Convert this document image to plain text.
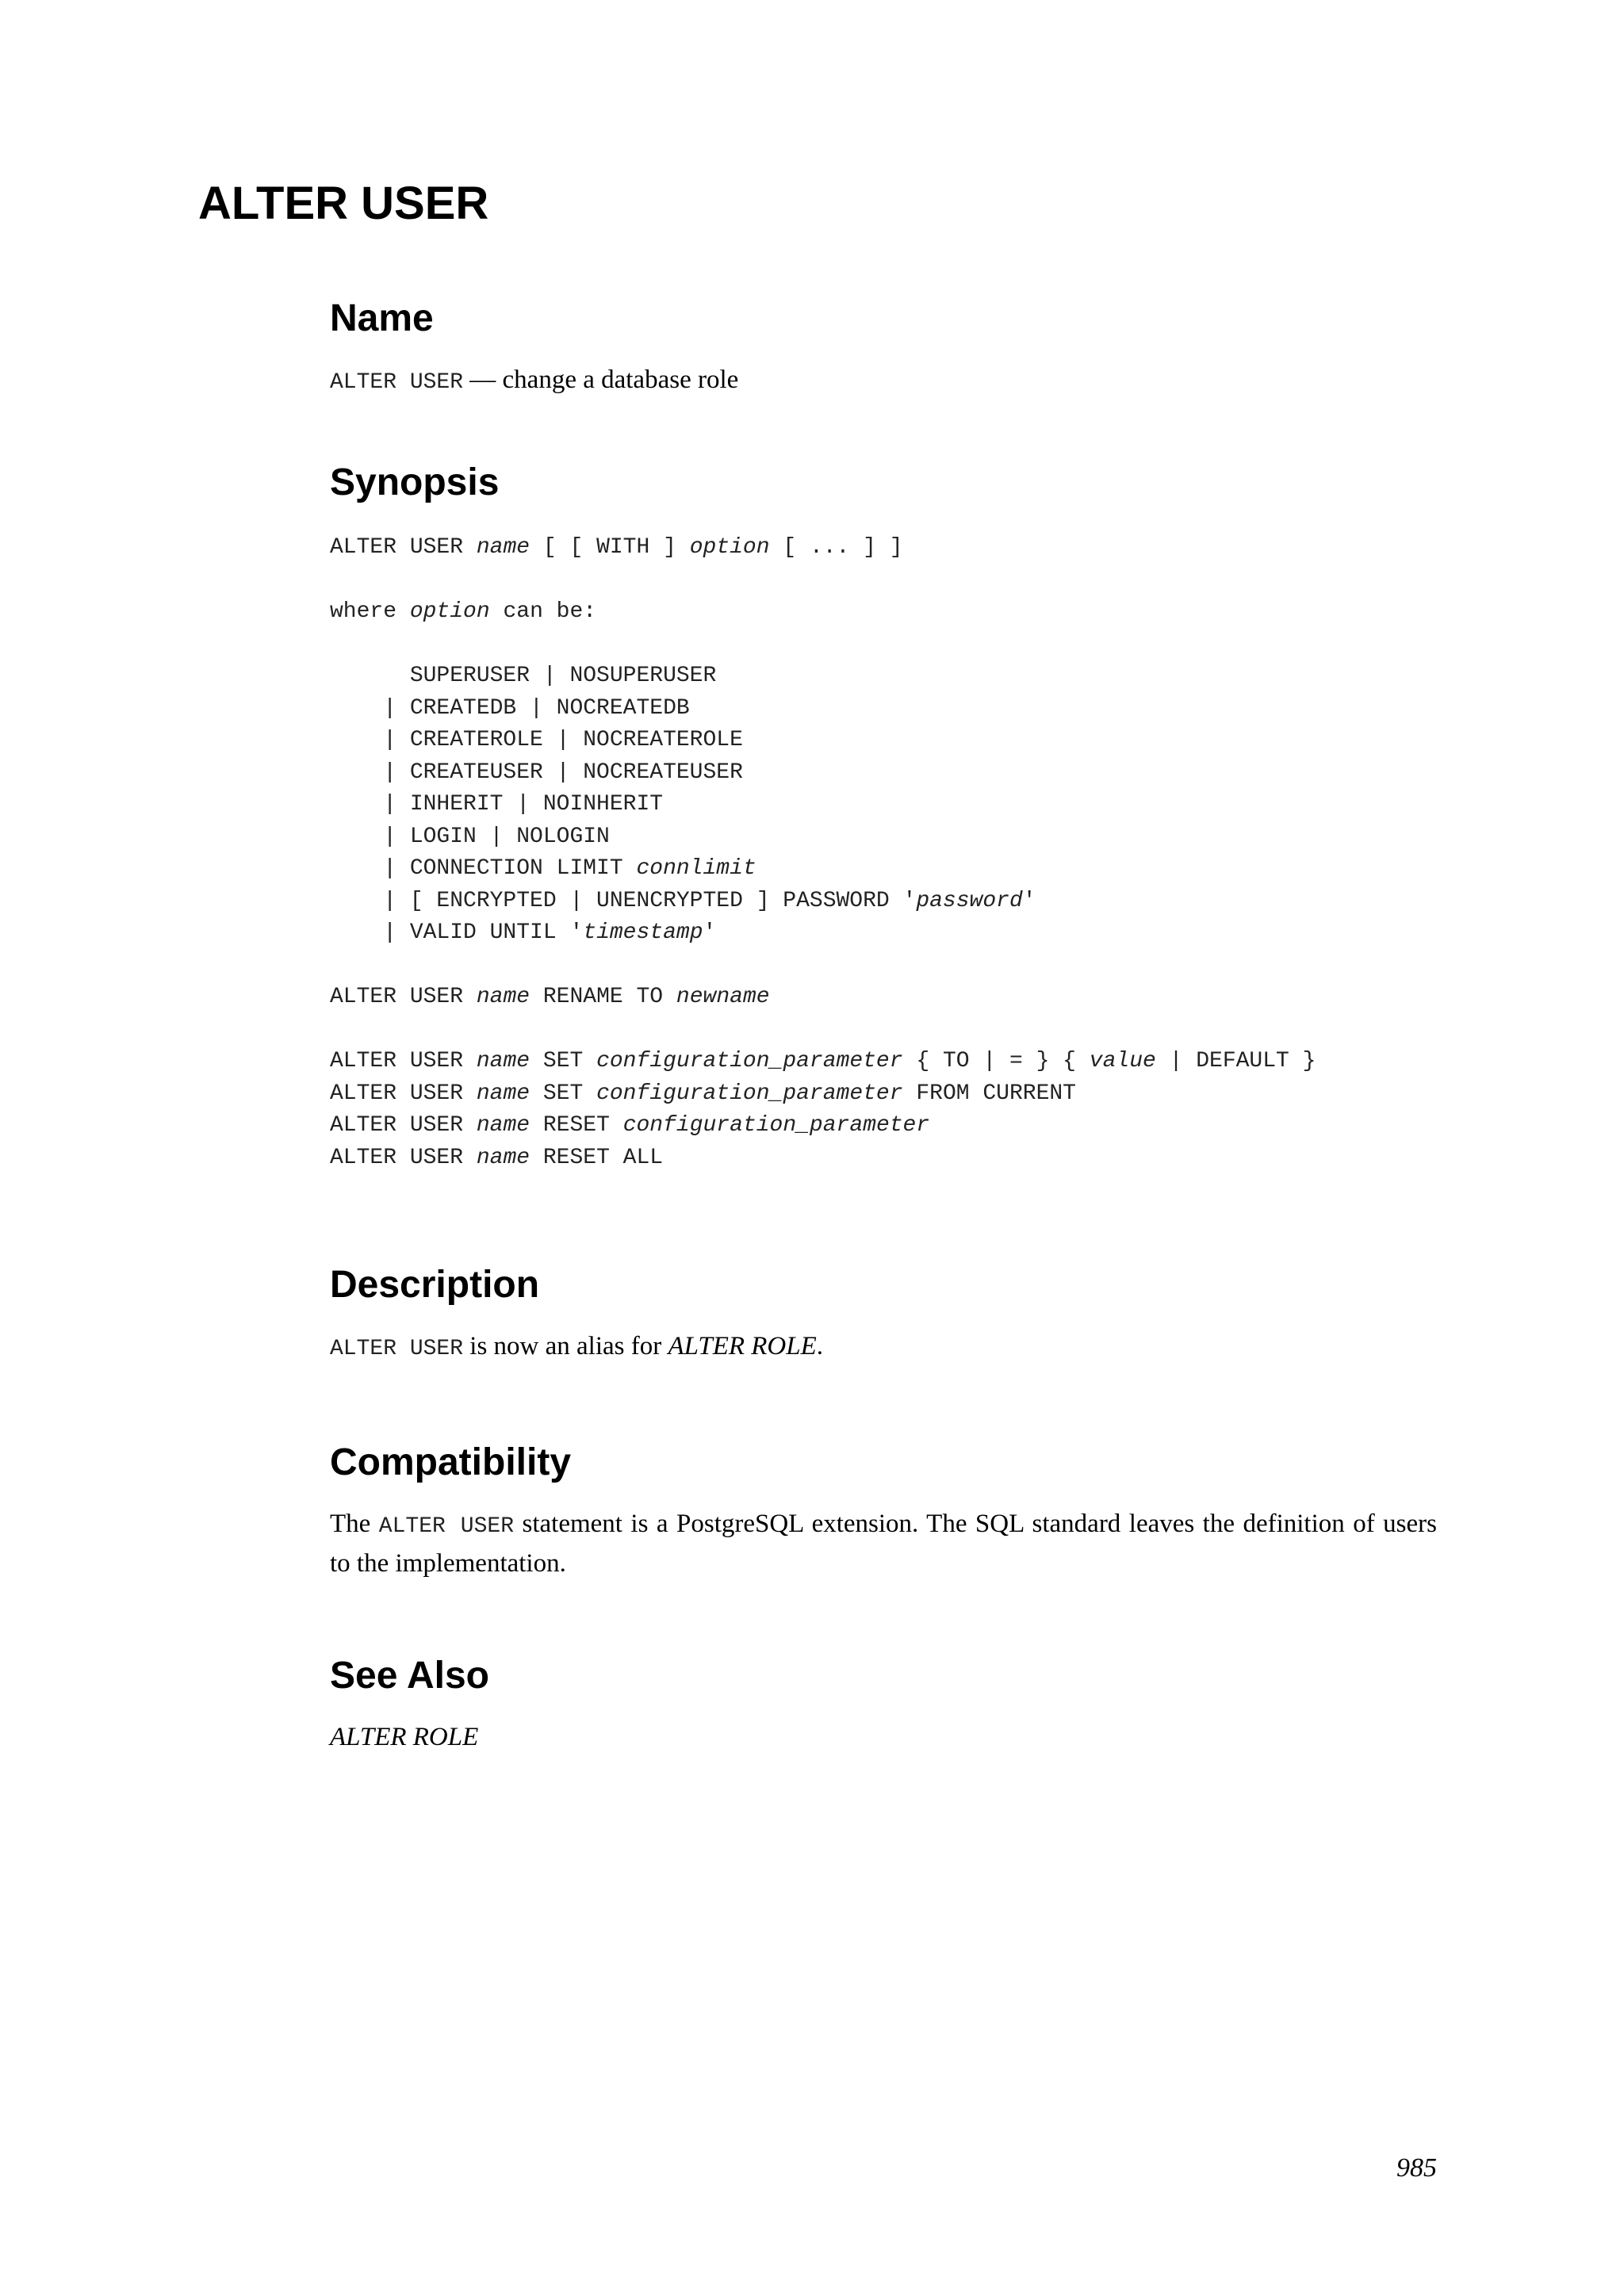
ALTER USER
Name

ALTER USER — change a database role

Synopsis
ALTER USER name [ [ WITH ] option [ ... ] ]

where option can be:

SUPERUSER | NOSUPERUSER
| CREATEDB | NOCREATEDB
| CREATEROLE | NOCREATEROLE
| CREATEUSER | NOCREATEUSER
| INHERIT | NOINHERIT
| LOGIN | NOLOGIN
| CONNECTION LIMIT connlimit
| [ ENCRYPTED | UNENCRYPTED ] PASSWORD 'password'
| VALID UNTIL 'timestamp'

ALTER USER name RENAME TO newname

ALTER USER name SET configuration_parameter { TO | = } { value | DEFAULT }
ALTER USER name SET configuration_parameter FROM CURRENT
ALTER USER name RESET configuration_parameter
ALTER USER name RESET ALL

Description

ALTER USER is now an alias for ALTER ROLE.

Compatibility

The ALTER USER statement is a PostgreSQL extension. The SQL standard leaves the definition of users to the implementation.

See Also

ALTER ROLE

985
